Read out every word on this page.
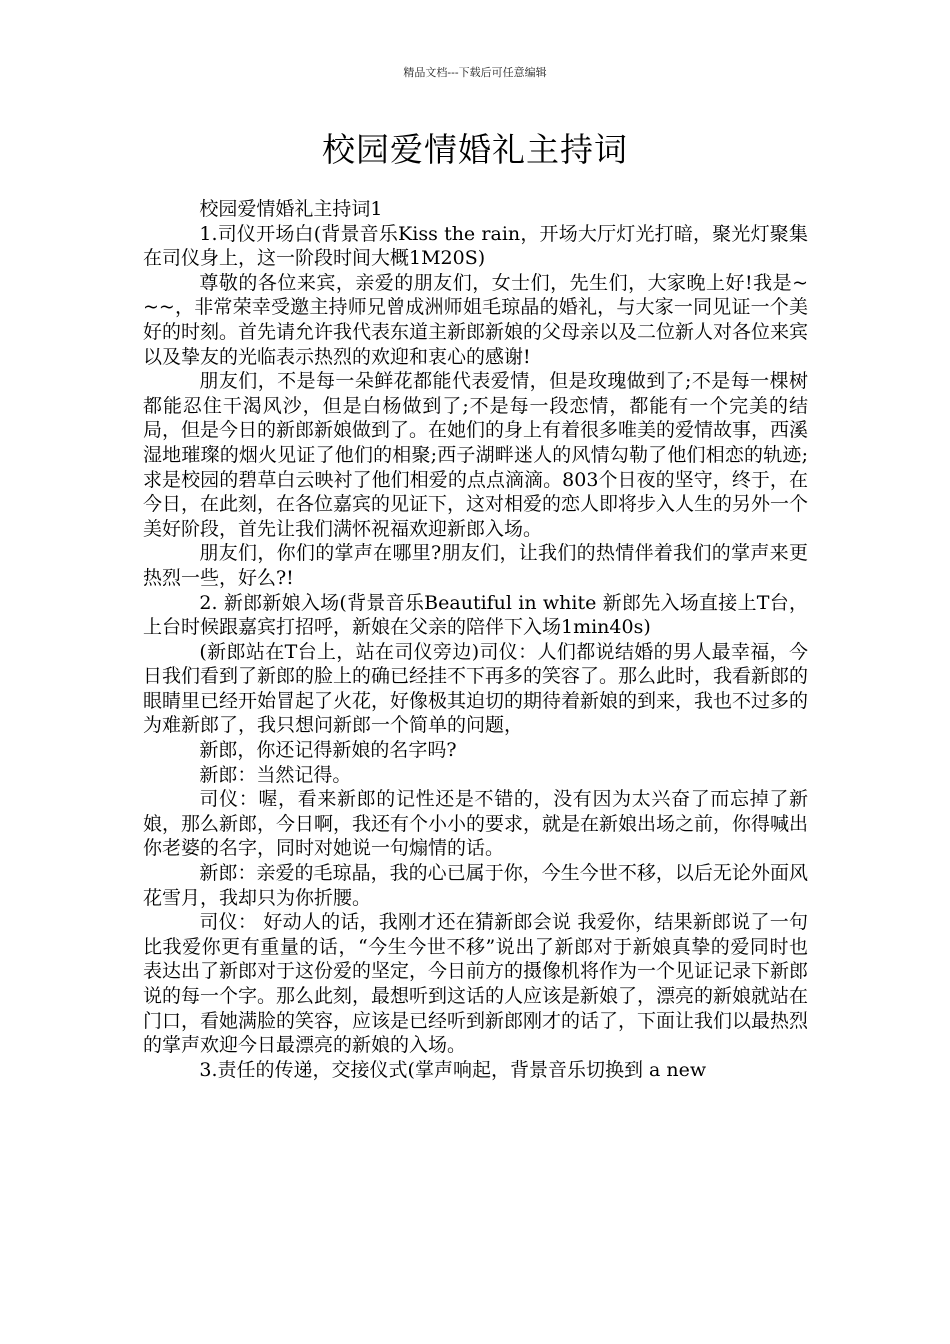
精品文档---下载后可任意编辑
校园爱情婚礼主持词

校园爱情婚礼主持词1

1.司仪开场白(背景音乐Kiss the rain，开场大厅灯光打暗，聚光灯聚集在司仪身上，这一阶段时间大概1M20S)

尊敬的各位来宾，亲爱的朋友们，女士们，先生们，大家晚上好!我是~~~，非常荣幸受邀主持师兄曾成洲师姐毛琼晶的婚礼，与大家一同见证一个美好的时刻。首先请允许我代表东道主新郎新娘的父母亲以及二位新人对各位来宾以及挚友的光临表示热烈的欢迎和衷心的感谢!

朋友们，不是每一朵鲜花都能代表爱情，但是玫瑰做到了;不是每一棵树都能忍住干渴风沙，但是白杨做到了;不是每一段恋情，都能有一个完美的结局，但是今日的新郎新娘做到了。在她们的身上有着很多唯美的爱情故事，西溪湿地璀璨的烟火见证了他们的相聚;西子湖畔迷人的风情勾勒了他们相恋的轨迹;求是校园的碧草白云映衬了他们相爱的点点滴滴。803个日夜的坚守，终于，在今日，在此刻，在各位嘉宾的见证下，这对相爱的恋人即将步入人生的另外一个美好阶段，首先让我们满怀祝福欢迎新郎入场。

朋友们，你们的掌声在哪里?朋友们，让我们的热情伴着我们的掌声来更热烈一些，好么?!

2. 新郎新娘入场(背景音乐Beautiful in white 新郎先入场直接上T台，上台时候跟嘉宾打招呼，新娘在父亲的陪伴下入场1min40s)

(新郎站在T台上，站在司仪旁边)司仪：人们都说结婚的男人最幸福，今日我们看到了新郎的脸上的确已经挂不下再多的笑容了。那么此时，我看新郎的眼睛里已经开始冒起了火花，好像极其迫切的期待着新娘的到来，我也不过多的为难新郎了，我只想问新郎一个简单的问题，

新郎，你还记得新娘的名字吗?

新郎：当然记得。

司仪：喔，看来新郎的记性还是不错的，没有因为太兴奋了而忘掉了新娘，那么新郎，今日啊，我还有个小小的要求，就是在新娘出场之前，你得喊出你老婆的名字，同时对她说一句煽情的话。

新郎：亲爱的毛琼晶，我的心已属于你，今生今世不移，以后无论外面风花雪月，我却只为你折腰。

司仪： 好动人的话，我刚才还在猜新郎会说 我爱你，结果新郎说了一句比我爱你更有重量的话，“今生今世不移”说出了新郎对于新娘真挚的爱同时也表达出了新郎对于这份爱的坚定，今日前方的摄像机将作为一个见证记录下新郎说的每一个字。那么此刻，最想听到这话的人应该是新娘了，漂亮的新娘就站在门口，看她满脸的笑容，应该是已经听到新郎刚才的话了，下面让我们以最热烈的掌声欢迎今日最漂亮的新娘的入场。

3.责任的传递，交接仪式(掌声响起，背景音乐切换到 a new
